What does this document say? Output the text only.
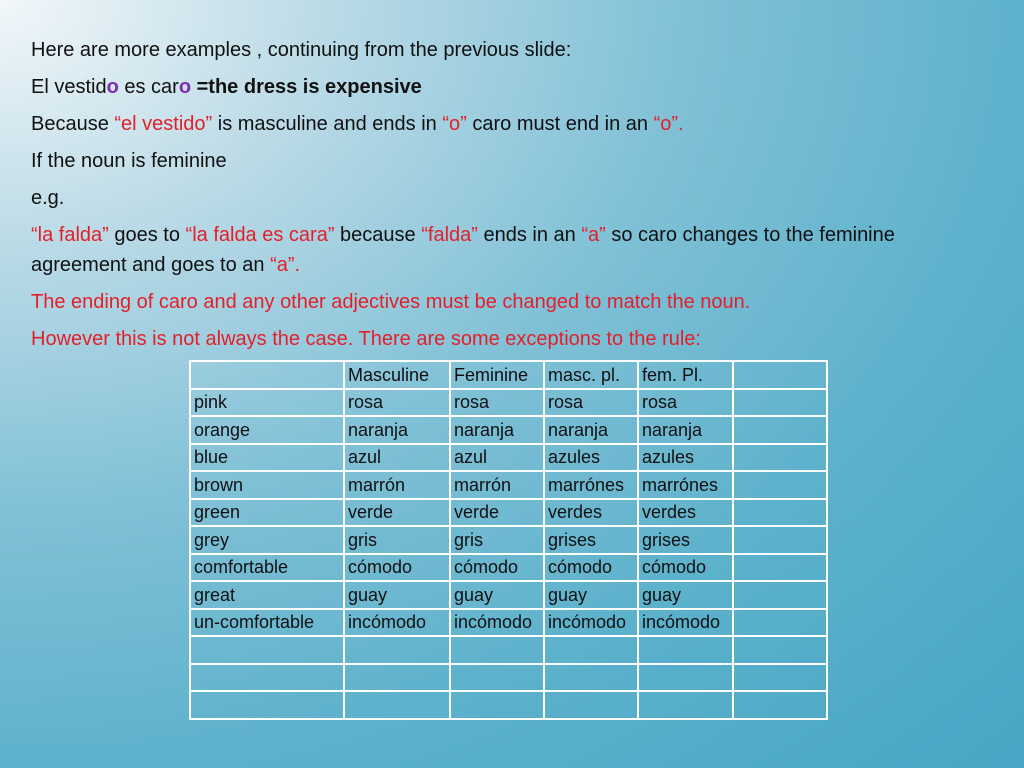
Here are more examples , continuing from the previous slide:
El vestido es caro =the dress is expensive
Because “el vestido” is masculine and ends in “o” caro must end in an “o”.
If the noun is feminine
e.g.
“la falda” goes to “la falda es cara” because “falda” ends in an “a” so caro changes to the feminine agreement and goes to an “a”.
The ending of caro and any other adjectives must be changed to match the noun.
However this is not always the case. There are some exceptions to the rule:
	Masculine	Feminine	masc. pl.	fem. Pl.	
pink	rosa	rosa	rosa	rosa	
orange	naranja	naranja	naranja	naranja	
blue	azul	azul	azules	azules	
brown	marrón	marrón	marrónes	marrónes	
green	verde	verde	verdes	verdes	
grey	gris	gris	grises	grises	
comfortable	cómodo	cómodo	cómodo	cómodo	
great	guay	guay	guay	guay	
un-comfortable	incómodo	incómodo	incómodo	incómodo	
